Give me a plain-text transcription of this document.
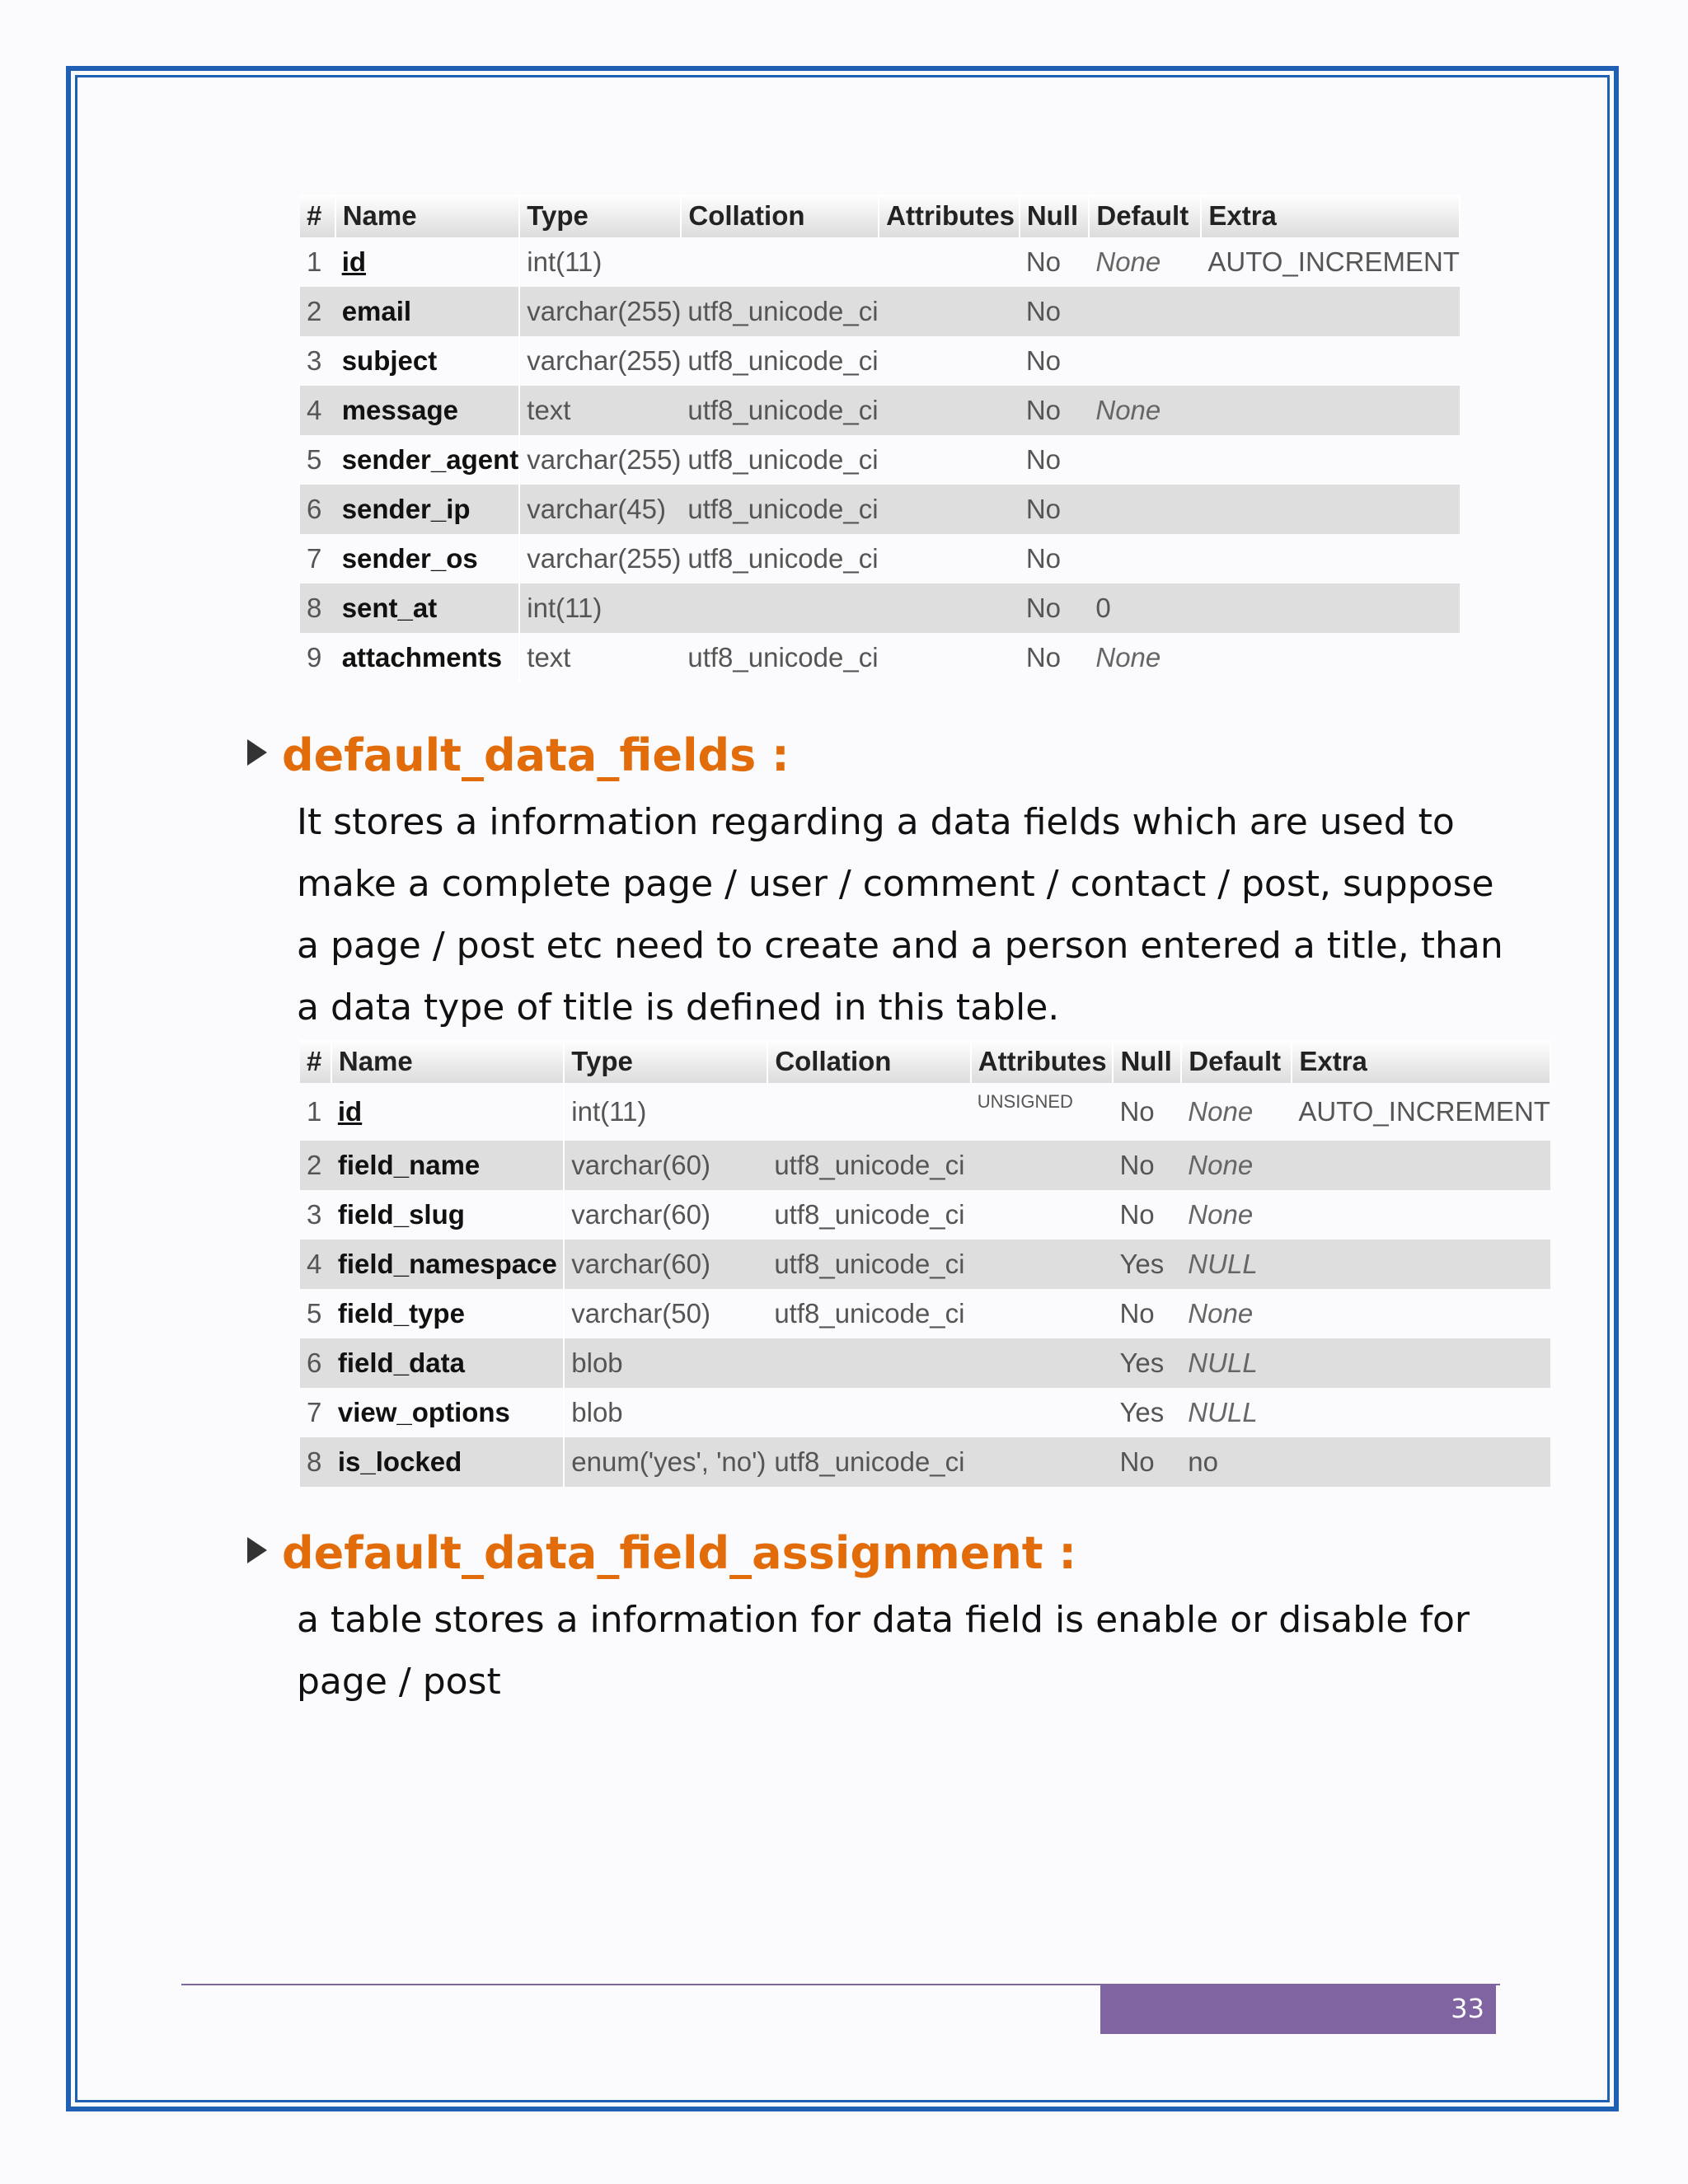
#	Name	Type	Collation	Attributes	Null	Default	Extra
1	id	int(11)			No	None	AUTO_INCREMENT
2	email	varchar(255)	utf8_unicode_ci		No		
3	subject	varchar(255)	utf8_unicode_ci		No		
4	message	text	utf8_unicode_ci		No	None	
5	sender_agent	varchar(255)	utf8_unicode_ci		No		
6	sender_ip	varchar(45)	utf8_unicode_ci		No		
7	sender_os	varchar(255)	utf8_unicode_ci		No		
8	sent_at	int(11)			No	0	
9	attachments	text	utf8_unicode_ci		No	None	
default_data_fields :
It stores a information regarding a data fields which are used to
make a complete page / user / comment / contact / post, suppose
a page / post etc need to create and a person entered a title, than
a data type of title is defined in this table.
#	Name	Type	Collation	Attributes	Null	Default	Extra
1	id	int(11)		UNSIGNED	No	None	AUTO_INCREMENT
2	field_name	varchar(60)	utf8_unicode_ci		No	None	
3	field_slug	varchar(60)	utf8_unicode_ci		No	None	
4	field_namespace	varchar(60)	utf8_unicode_ci		Yes	NULL	
5	field_type	varchar(50)	utf8_unicode_ci		No	None	
6	field_data	blob			Yes	NULL	
7	view_options	blob			Yes	NULL	
8	is_locked	enum('yes', 'no')	utf8_unicode_ci		No	no	
default_data_field_assignment :
a table stores a information for data field is enable or disable for
page / post
33
